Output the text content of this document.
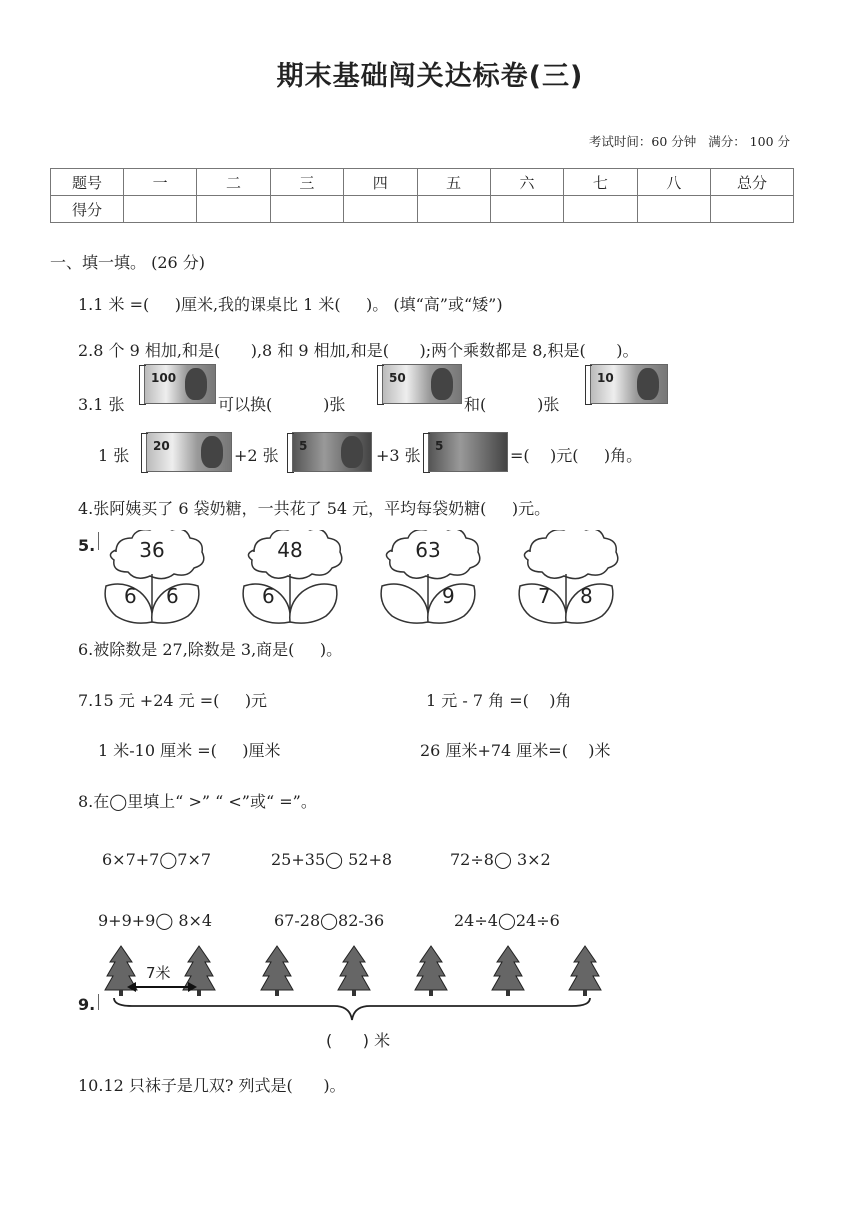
期末基础闯关达标卷(三)
考试时间：60 分钟   满分： 100 分
题号	一	二	三	四	五	六	七	八	总分
得分									
一、填一填。 (26 分)
1.1 米 =(     )厘米,我的课桌比 1 米(     )。 (填“高”或“矮”)
2.8 个 9 相加,和是(      ),8 和 9 相加,和是(      );两个乘数都是 8,积是(      )。
3.1 张
100
可以换(          )张
50
和(          )张
10
1 张 20	+2 张 5	+3 张 5	=(    )元(     )角。
4.张阿姨买了 6 袋奶糖，一共花了 54 元，平均每袋奶糖(     )元。
5.	36
6 6
48
6
63
9	7 8
6.被除数是 27,除数是 3,商是(     )。
7.15 元 +24 元 =(     )元	1 元 - 7 角 =(    )角
1 米-10 厘米 =(     )厘米	26 厘米+74 厘米=(    )米
8.在◯里填上“ >” “ <”或“ =”。
6×7+7◯7×7	25+35◯ 52+8	72÷8◯ 3×2
9+9+9◯ 8×4	67-28◯82-36	24÷4◯24÷6
7米
9.
(      ) 米
10.12 只袜子是几双? 列式是(      )。
